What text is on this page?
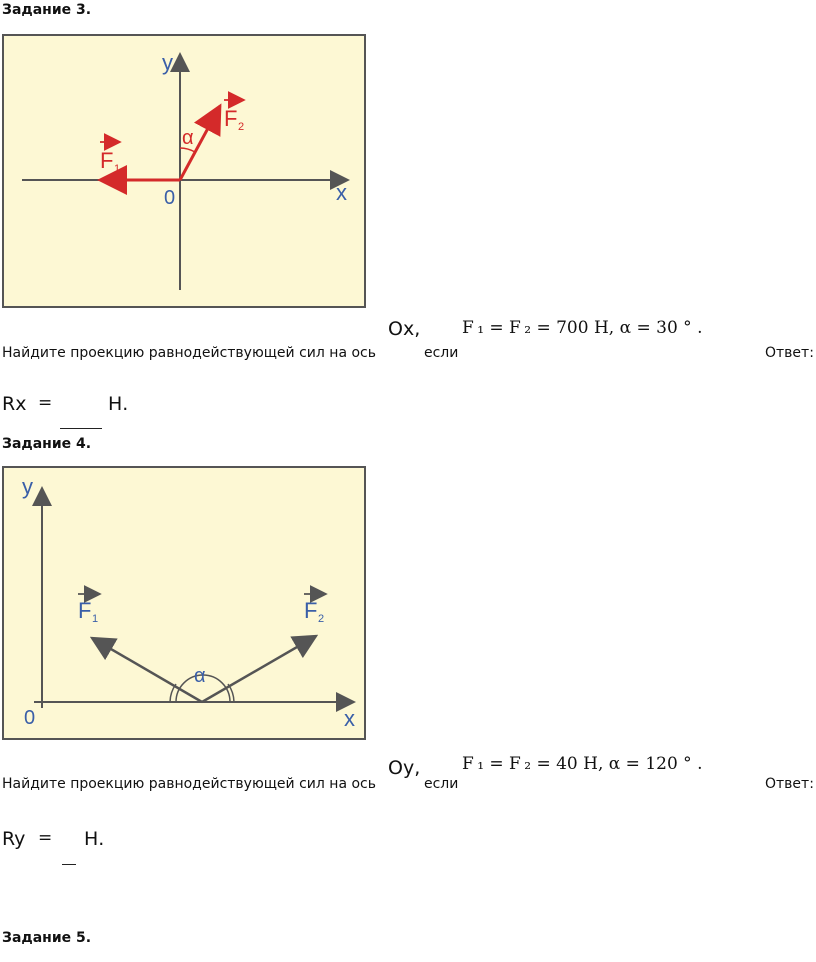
Задание 3.
y
x
0
F 1
F 2
α
Найдите проекцию равнодействующей сил на ось
Ox,
если
F ₁ = F ₂ = 700 Н, α = 30 ° .
Ответ:
Rx =	Н.
Задание 4.
y
x
0
F 1	F 2
α
Найдите проекцию равнодействующей сил на ось
Oy,
если
F ₁ = F ₂ = 40 Н, α = 120 ° .
Ответ:
Ry = Н.
Задание 5.
